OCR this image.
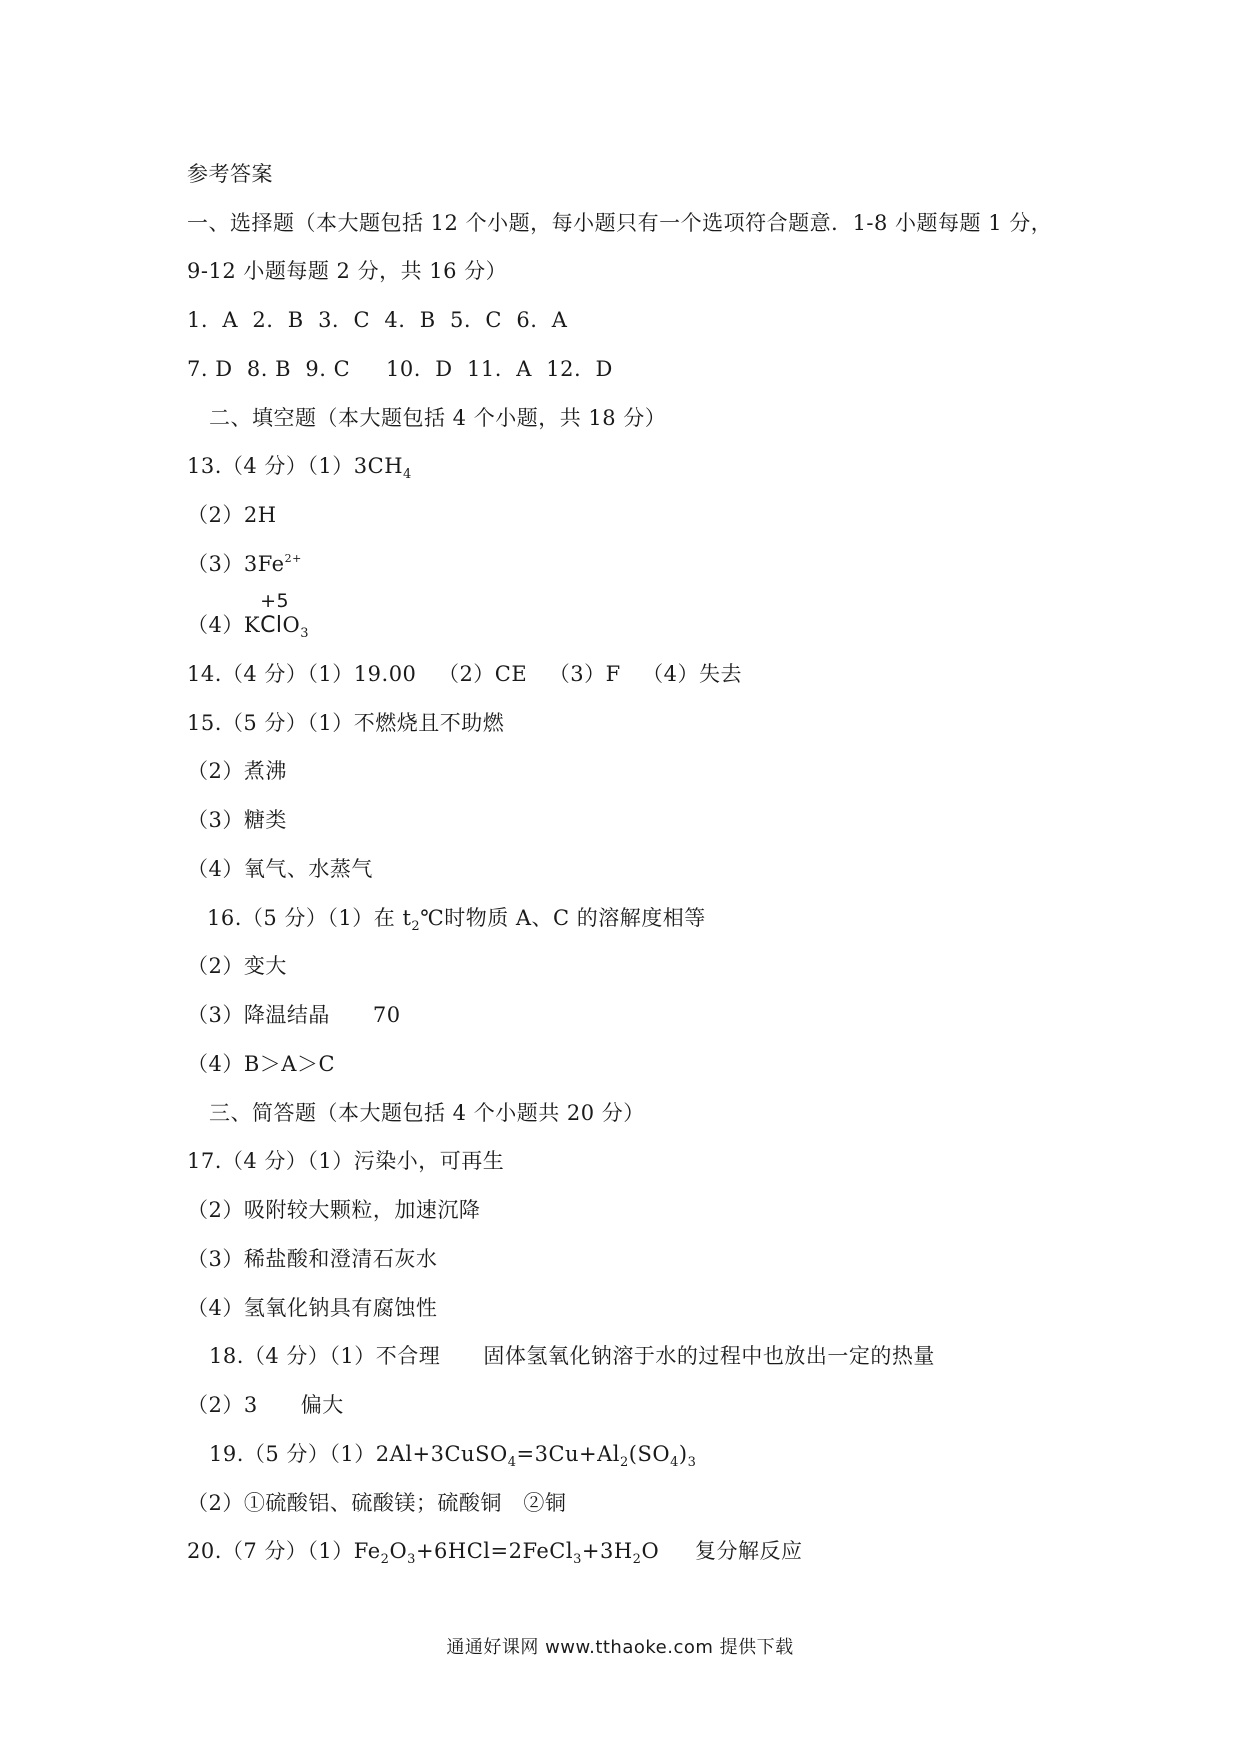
参考答案
一、选择题（本大题包括 12 个小题，每小题只有一个选项符合题意．1-8 小题每题 1 分，
9-12 小题每题 2 分，共 16 分）
1.  A  2.  B  3.  C  4.  B  5.  C  6.  A
7. D  8. B  9. C     10.  D  11.  A  12.  D
二、填空题（本大题包括 4 个小题，共 18 分）
13.（4 分）$(1)3CH_4$
（2）2H
$(3)3Fe^{2+}$
（4）K
+5
ClO$_3$
14.（4 分）（1）19.00   （2）CE   （3）F   （4）失去
15.（5 分）（1）不燃烧且不助燃
（2）煮沸
（3）糖类
（4）氧气、水蒸气
16.（5 分）（1）在 $t_2℃$时物质 A、C 的溶解度相等
（2）变大
（3）降温结晶      70
（4）B＞A＞C
三、简答题（本大题包括 4 个小题共 20 分）
17.（4 分）（1）污染小，可再生
（2）吸附较大颗粒，加速沉降
（3）稀盐酸和澄清石灰水
（4）氢氧化钠具有腐蚀性
18.（4 分）（1）不合理      固体氢氧化钠溶于水的过程中也放出一定的热量
（2）3      偏大
19.（5 分）$(1)2Al+3CuSO_4=3Cu+Al_2(SO_4)_3$
（2）①硫酸铝、硫酸镁；硫酸铜   ②铜
20.（7 分）$(1)Fe_2O_3+6HCl=2FeCl_3+3H_2O$     复分解反应
通通好课网 www.tthaoke.com 提供下载
